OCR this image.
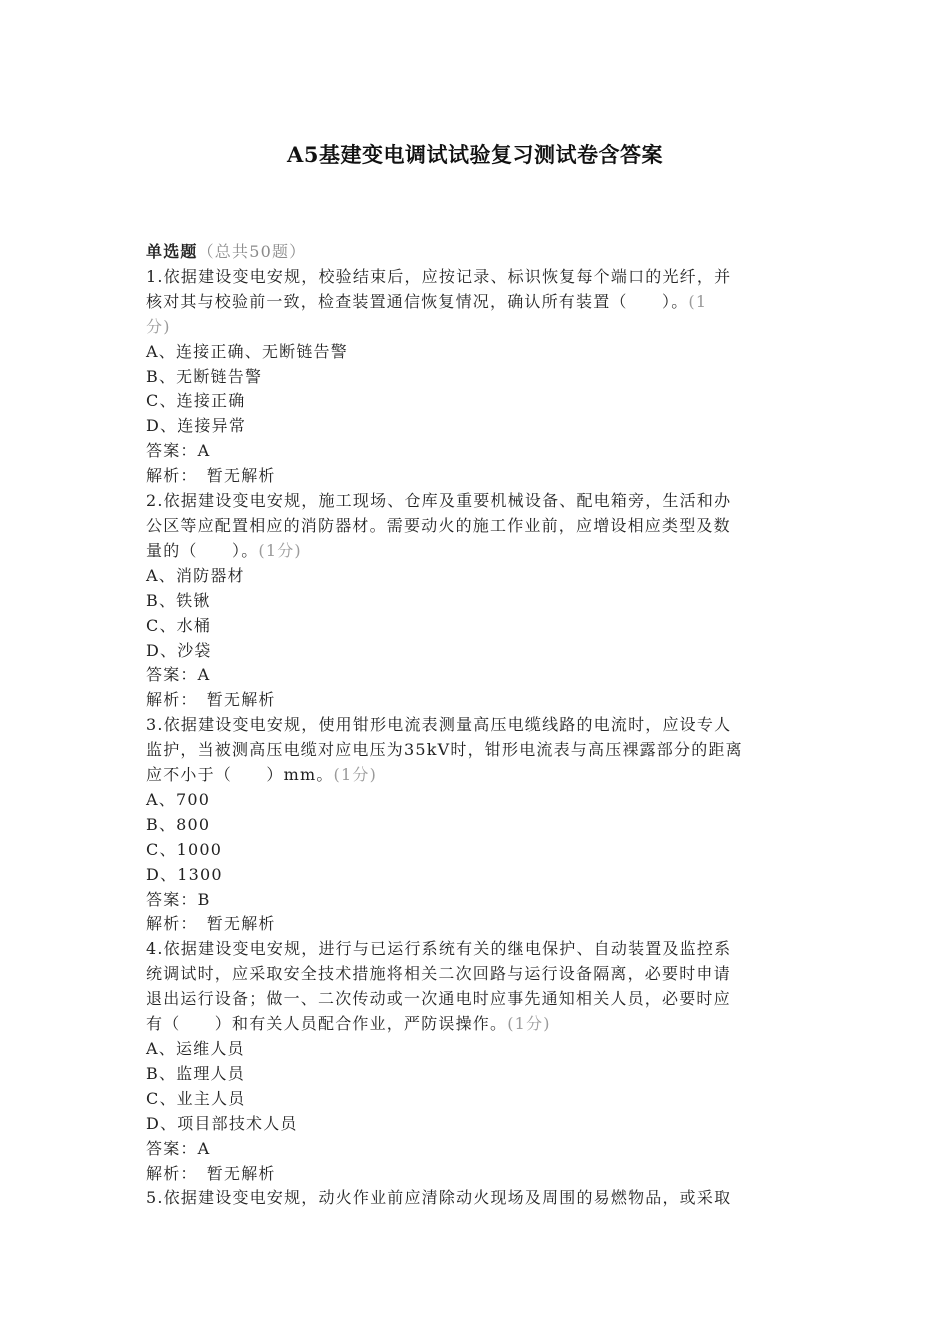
A5基建变电调试试验复习测试卷含答案
单选题（总共50题）
1.依据建设变电安规，校验结束后，应按记录、标识恢复每个端口的光纤，并
核对其与校验前一致，检查装置通信恢复情况，确认所有装置（　　）。(1
分)
A、连接正确、无断链告警
B、无断链告警
C、连接正确
D、连接异常
答案：A
解析：　暂无解析
2.依据建设变电安规，施工现场、仓库及重要机械设备、配电箱旁，生活和办
公区等应配置相应的消防器材。需要动火的施工作业前，应增设相应类型及数
量的（　　）。(1分)
A、消防器材
B、铁锹
C、水桶
D、沙袋
答案：A
解析：　暂无解析
3.依据建设变电安规，使用钳形电流表测量高压电缆线路的电流时，应设专人
监护，当被测高压电缆对应电压为35kV时，钳形电流表与高压裸露部分的距离
应不小于（　　）mm。(1分)
A、700
B、800
C、1000
D、1300
答案：B
解析：　暂无解析
4.依据建设变电安规，进行与已运行系统有关的继电保护、自动装置及监控系
统调试时，应采取安全技术措施将相关二次回路与运行设备隔离，必要时申请
退出运行设备；做一、二次传动或一次通电时应事先通知相关人员，必要时应
有（　　）和有关人员配合作业，严防误操作。(1分)
A、运维人员
B、监理人员
C、业主人员
D、项目部技术人员
答案：A
解析：　暂无解析
5.依据建设变电安规，动火作业前应清除动火现场及周围的易燃物品，或采取
